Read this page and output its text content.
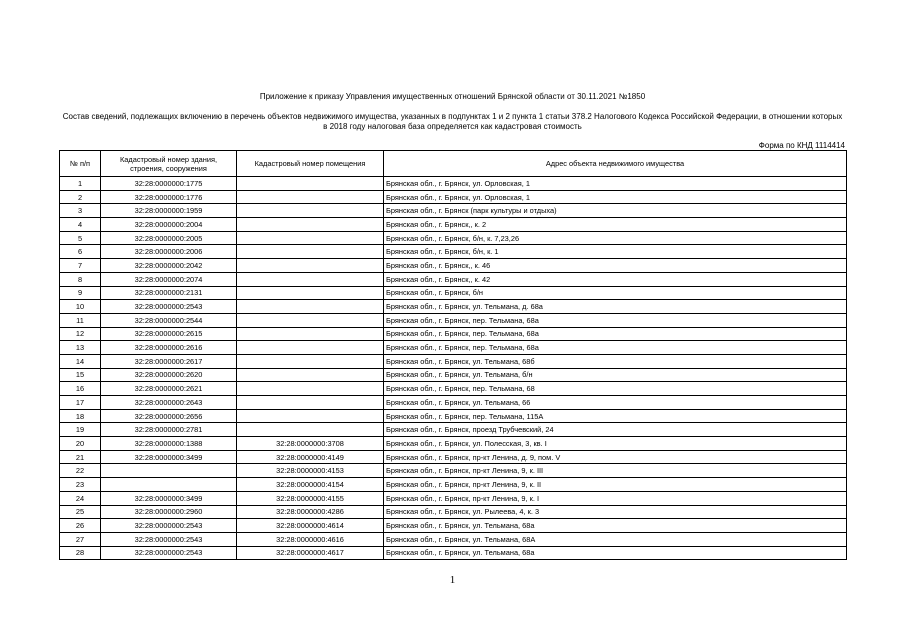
Приложение к приказу Управления имущественных отношений Брянской области от 30.11.2021 №1850
Состав сведений, подлежащих включению в перечень объектов недвижимого имущества, указанных в подпунктах 1 и 2 пункта 1 статьи 378.2 Налогового Кодекса Российской Федерации, в отношении которых в 2018 году налоговая база определяется как кадастровая стоимость
Форма по КНД 1114414
№ п/п	Кадастровый номер здания, строения, сооружения	Кадастровый номер помещения	Адрес объекта недвижимого имущества
1	32:28:0000000:1775		Брянская обл., г. Брянск, ул. Орловская, 1
2	32:28:0000000:1776		Брянская обл., г. Брянск, ул. Орловская, 1
3	32:28:0000000:1959		Брянская обл., г. Брянск (парк культуры и отдыха)
4	32:28:0000000:2004		Брянская обл., г. Брянск,, к. 2
5	32:28:0000000:2005		Брянская обл., г. Брянск, б/н, к. 7,23,26
6	32:28:0000000:2006		Брянская обл., г. Брянск, б/н, к. 1
7	32:28:0000000:2042		Брянская обл., г. Брянск,, к. 46
8	32:28:0000000:2074		Брянская обл., г. Брянск,, к. 42
9	32:28:0000000:2131		Брянская обл., г. Брянск, б/н
10	32:28:0000000:2543		Брянская обл., г. Брянск, ул. Тельмана, д. 68а
11	32:28:0000000:2544		Брянская обл., г. Брянск, пер. Тельмана, 68а
12	32:28:0000000:2615		Брянская обл., г. Брянск, пер. Тельмана, 68а
13	32:28:0000000:2616		Брянская обл., г. Брянск, пер. Тельмана, 68а
14	32:28:0000000:2617		Брянская обл., г. Брянск, ул. Тельмана, 68б
15	32:28:0000000:2620		Брянская обл., г. Брянск, ул. Тельмана, б/н
16	32:28:0000000:2621		Брянская обл., г. Брянск, пер. Тельмана, 68
17	32:28:0000000:2643		Брянская обл., г. Брянск, ул. Тельмана, 66
18	32:28:0000000:2656		Брянская обл., г. Брянск, пер. Тельмана, 115А
19	32:28:0000000:2781		Брянская обл., г. Брянск, проезд Трубчевский, 24
20	32:28:0000000:1388	32:28:0000000:3708	Брянская обл., г. Брянск, ул. Полесская, 3, кв. I
21	32:28:0000000:3499	32:28:0000000:4149	Брянская обл., г. Брянск, пр-кт Ленина, д. 9, пом. V
22		32:28:0000000:4153	Брянская обл., г. Брянск, пр-кт Ленина, 9, к. III
23		32:28:0000000:4154	Брянская обл., г. Брянск, пр-кт Ленина, 9, к. II
24	32:28:0000000:3499	32:28:0000000:4155	Брянская обл., г. Брянск, пр-кт Ленина, 9, к. I
25	32:28:0000000:2960	32:28:0000000:4286	Брянская обл., г. Брянск, ул. Рылеева, 4, к. 3
26	32:28:0000000:2543	32:28:0000000:4614	Брянская обл., г. Брянск, ул. Тельмана, 68а
27	32:28:0000000:2543	32:28:0000000:4616	Брянская обл., г. Брянск, ул. Тельмана, 68А
28	32:28:0000000:2543	32:28:0000000:4617	Брянская обл., г. Брянск, ул. Тельмана, 68а
1
